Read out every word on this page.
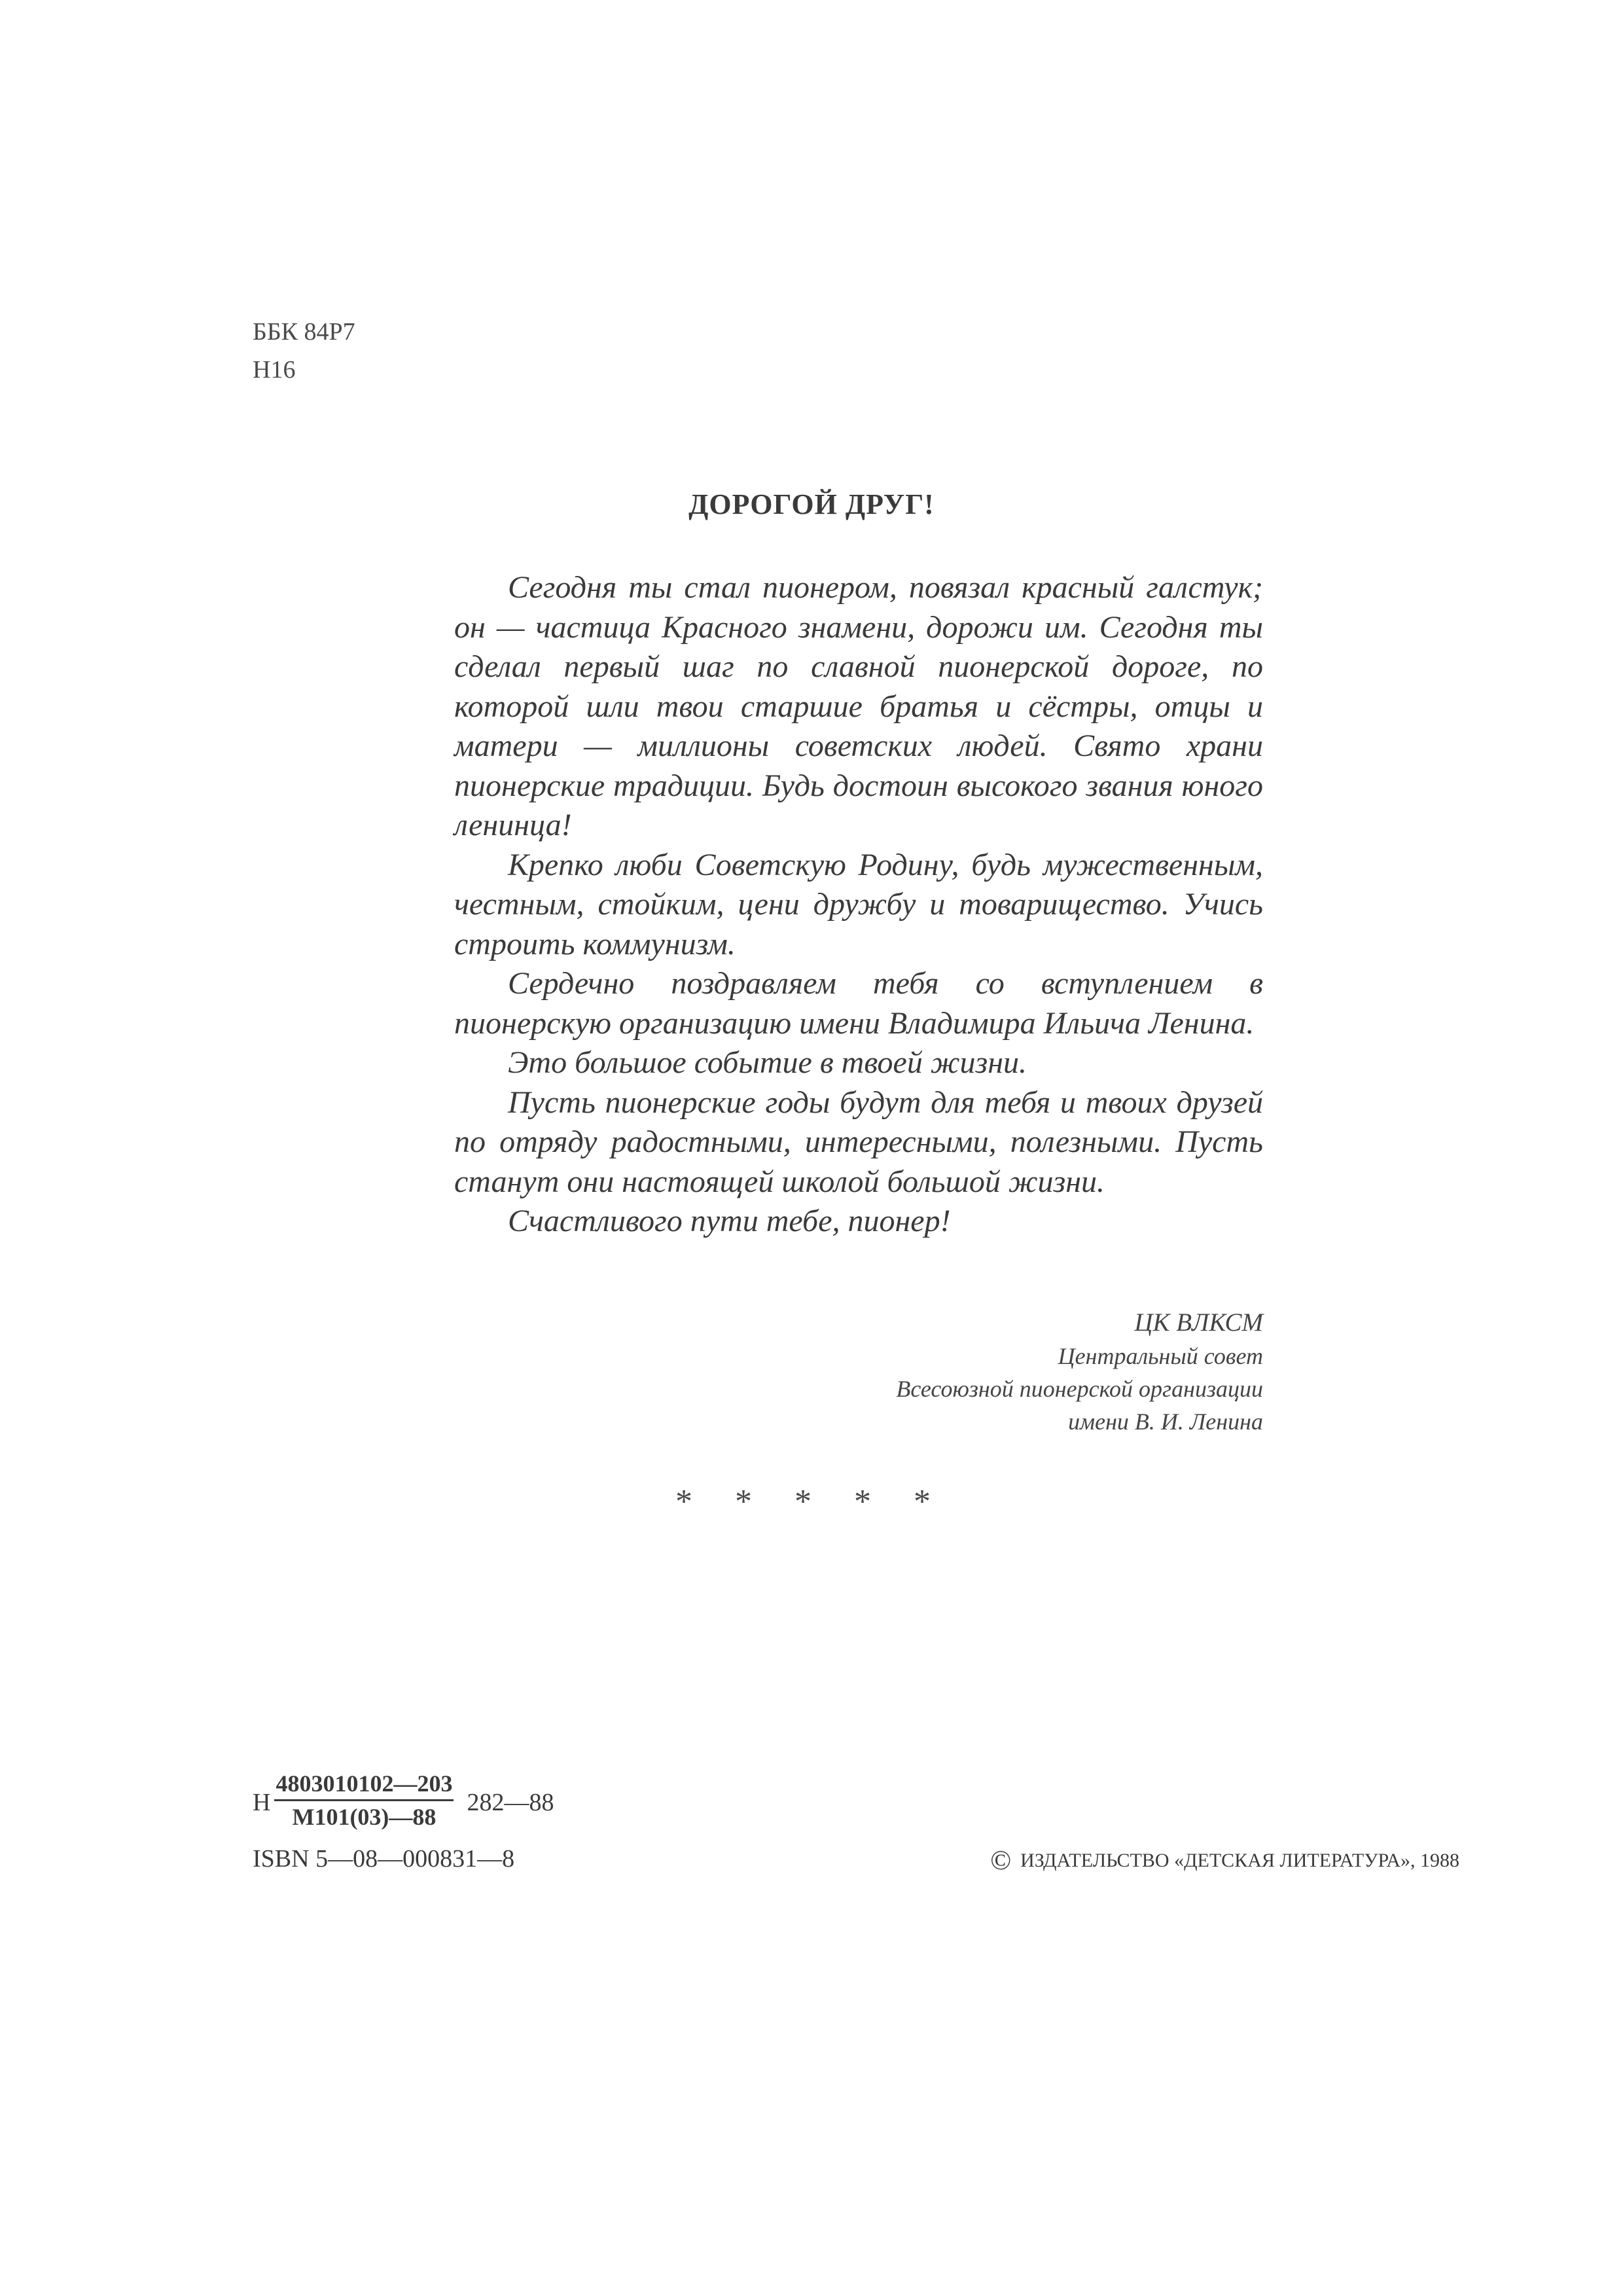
ББК 84Р7
Н16
ДОРОГОЙ ДРУГ!

Сегодня ты стал пионером, повязал красный галстук; он — частица Красного знамени, дорожи им. Сегодня ты сделал первый шаг по славной пионерской дороге, по которой шли твои старшие братья и сёстры, отцы и матери — миллионы советских людей. Свято храни пионерские традиции. Будь достоин высокого звания юного ленинца!

Крепко люби Советскую Родину, будь мужественным, честным, стойким, цени дружбу и товарищество. Учись строить коммунизм.

Сердечно поздравляем тебя со вступлением в пионерскую организацию имени Владимира Ильича Ленина.

Это большое событие в твоей жизни.

Пусть пионерские годы будут для тебя и твоих друзей по отряду радостными, интересными, полезными. Пусть станут они настоящей школой большой жизни.

Счастливого пути тебе, пионер!

ЦК ВЛКСМ
Центральный совет
Всесоюзной пионерской организации
имени В. И. Ленина
* * * * *
Н $\frac{4803010102—203}{М101(03)—88}$ 282—88
ISBN 5—08—000831—8	© ИЗДАТЕЛЬСТВО «ДЕТСКАЯ ЛИТЕРАТУРА», 1988
